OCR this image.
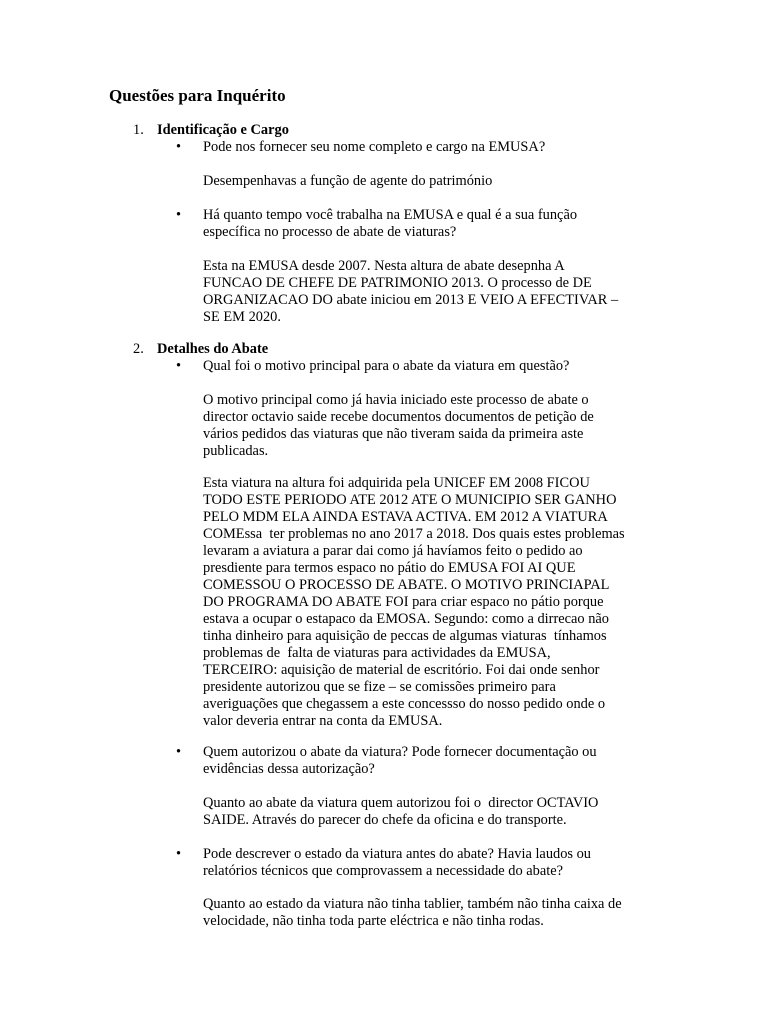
Questões para Inquérito
1. Identificação e Cargo
• Pode nos fornecer seu nome completo e cargo na EMUSA?
Desempenhavas a função de agente do património
• Há quanto tempo você trabalha na EMUSA e qual é a sua função
específica no processo de abate de viaturas?
Esta na EMUSA desde 2007. Nesta altura de abate desepnha A
FUNCAO DE CHEFE DE PATRIMONIO 2013. O processo de DE
ORGANIZACAO DO abate iniciou em 2013 E VEIO A EFECTIVAR –
SE EM 2020.
2. Detalhes do Abate
• Qual foi o motivo principal para o abate da viatura em questão?
O motivo principal como já havia iniciado este processo de abate o
director octavio saide recebe documentos documentos de petição de
vários pedidos das viaturas que não tiveram saida da primeira aste
publicadas.
Esta viatura na altura foi adquirida pela UNICEF EM 2008 FICOU
TODO ESTE PERIODO ATE 2012 ATE O MUNICIPIO SER GANHO
PELO MDM ELA AINDA ESTAVA ACTIVA. EM 2012 A VIATURA
COMEssa  ter problemas no ano 2017 a 2018. Dos quais estes problemas
levaram a aviatura a parar dai como já havíamos feito o pedido ao
presdiente para termos espaco no pátio do EMUSA FOI AI QUE
COMESSOU O PROCESSO DE ABATE. O MOTIVO PRINCIAPAL
DO PROGRAMA DO ABATE FOI para criar espaco no pátio porque
estava a ocupar o estapaco da EMOSA. Segundo: como a dirrecao não
tinha dinheiro para aquisição de peccas de algumas viaturas  tínhamos
problemas de  falta de viaturas para actividades da EMUSA,
TERCEIRO: aquisição de material de escritório. Foi dai onde senhor
presidente autorizou que se fize – se comissões primeiro para
averiguações que chegassem a este concessso do nosso pedido onde o
valor deveria entrar na conta da EMUSA.
• Quem autorizou o abate da viatura? Pode fornecer documentação ou
evidências dessa autorização?
Quanto ao abate da viatura quem autorizou foi o  director OCTAVIO
SAIDE. Através do parecer do chefe da oficina e do transporte.
• Pode descrever o estado da viatura antes do abate? Havia laudos ou
relatórios técnicos que comprovassem a necessidade do abate?
Quanto ao estado da viatura não tinha tablier, também não tinha caixa de
velocidade, não tinha toda parte eléctrica e não tinha rodas.
